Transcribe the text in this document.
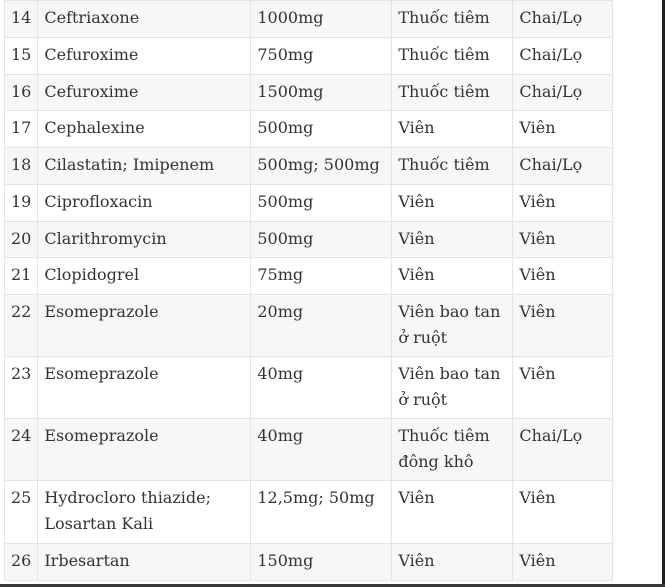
14	Ceftriaxone	1000mg	Thuốc tiêm	Chai/Lọ
15	Cefuroxime	750mg	Thuốc tiêm	Chai/Lọ
16	Cefuroxime	1500mg	Thuốc tiêm	Chai/Lọ
17	Cephalexine	500mg	Viên	Viên
18	Cilastatin; Imipenem	500mg; 500mg	Thuốc tiêm	Chai/Lọ
19	Ciprofloxacin	500mg	Viên	Viên
20	Clarithromycin	500mg	Viên	Viên
21	Clopidogrel	75mg	Viên	Viên
22	Esomeprazole	20mg	Viên bao tan ở ruột	Viên
23	Esomeprazole	40mg	Viên bao tan ở ruột	Viên
24	Esomeprazole	40mg	Thuốc tiêm đông khô	Chai/Lọ
25	Hydrocloro thiazide; Losartan Kali	12,5mg; 50mg	Viên	Viên
26	Irbesartan	150mg	Viên	Viên
